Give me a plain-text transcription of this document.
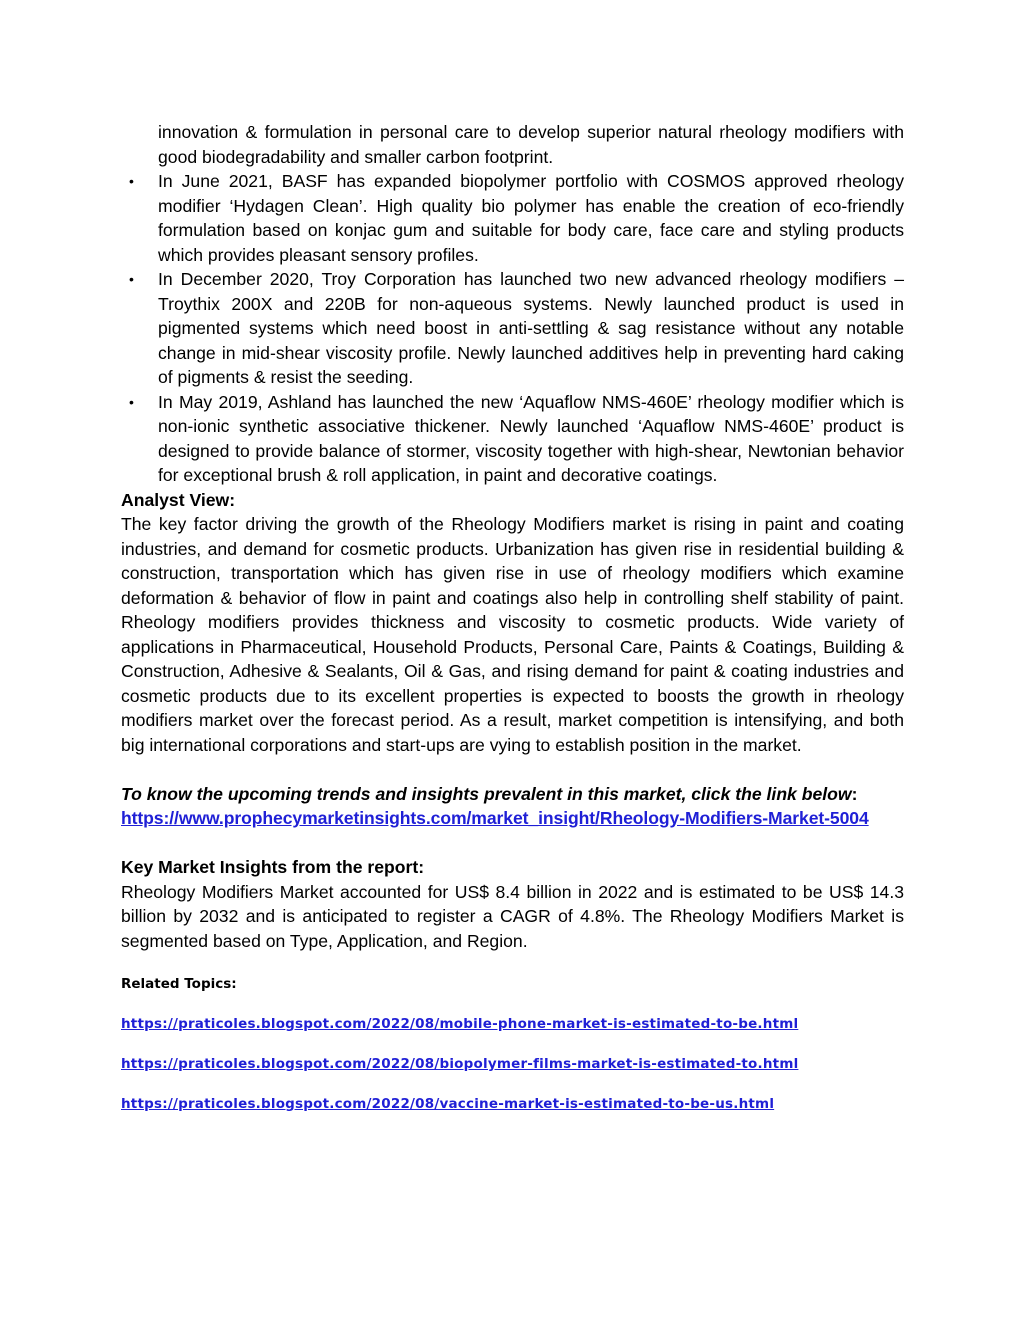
innovation & formulation in personal care to develop superior natural rheology modifiers with good biodegradability and smaller carbon footprint.

• In June 2021, BASF has expanded biopolymer portfolio with COSMOS approved rheology modifier ‘Hydagen Clean’. High quality bio polymer has enable the creation of eco-friendly formulation based on konjac gum and suitable for body care, face care and styling products which provides pleasant sensory profiles.
• In December 2020, Troy Corporation has launched two new advanced rheology modifiers – Troythix 200X and 220B for non-aqueous systems. Newly launched product is used in pigmented systems which need boost in anti-settling & sag resistance without any notable change in mid-shear viscosity profile. Newly launched additives help in preventing hard caking of pigments & resist the seeding.
• In May 2019, Ashland has launched the new ‘Aquaflow NMS-460E’ rheology modifier which is non-ionic synthetic associative thickener. Newly launched ‘Aquaflow NMS-460E’ product is designed to provide balance of stormer, viscosity together with high-shear, Newtonian behavior for exceptional brush & roll application, in paint and decorative coatings.

Analyst View:

The key factor driving the growth of the Rheology Modifiers market is rising in paint and coating industries, and demand for cosmetic products. Urbanization has given rise in residential building & construction, transportation which has given rise in use of rheology modifiers which examine deformation & behavior of flow in paint and coatings also help in controlling shelf stability of paint. Rheology modifiers provides thickness and viscosity to cosmetic products. Wide variety of applications in Pharmaceutical, Household Products, Personal Care, Paints & Coatings, Building & Construction, Adhesive & Sealants, Oil & Gas, and rising demand for paint & coating industries and cosmetic products due to its excellent properties is expected to boosts the growth in rheology modifiers market over the forecast period. As a result, market competition is intensifying, and both big international corporations and start-ups are vying to establish position in the market.

To know the upcoming trends and insights prevalent in this market, click the link below:

https://www.prophecymarketinsights.com/market_insight/Rheology-Modifiers-Market-5004

Key Market Insights from the report:

Rheology Modifiers Market accounted for US$ 8.4 billion in 2022 and is estimated to be US$ 14.3 billion by 2032 and is anticipated to register a CAGR of 4.8%. The Rheology Modifiers Market is segmented based on Type, Application, and Region.

Related Topics:

https://praticoles.blogspot.com/2022/08/mobile-phone-market-is-estimated-to-be.html
https://praticoles.blogspot.com/2022/08/biopolymer-films-market-is-estimated-to.html
https://praticoles.blogspot.com/2022/08/vaccine-market-is-estimated-to-be-us.html
